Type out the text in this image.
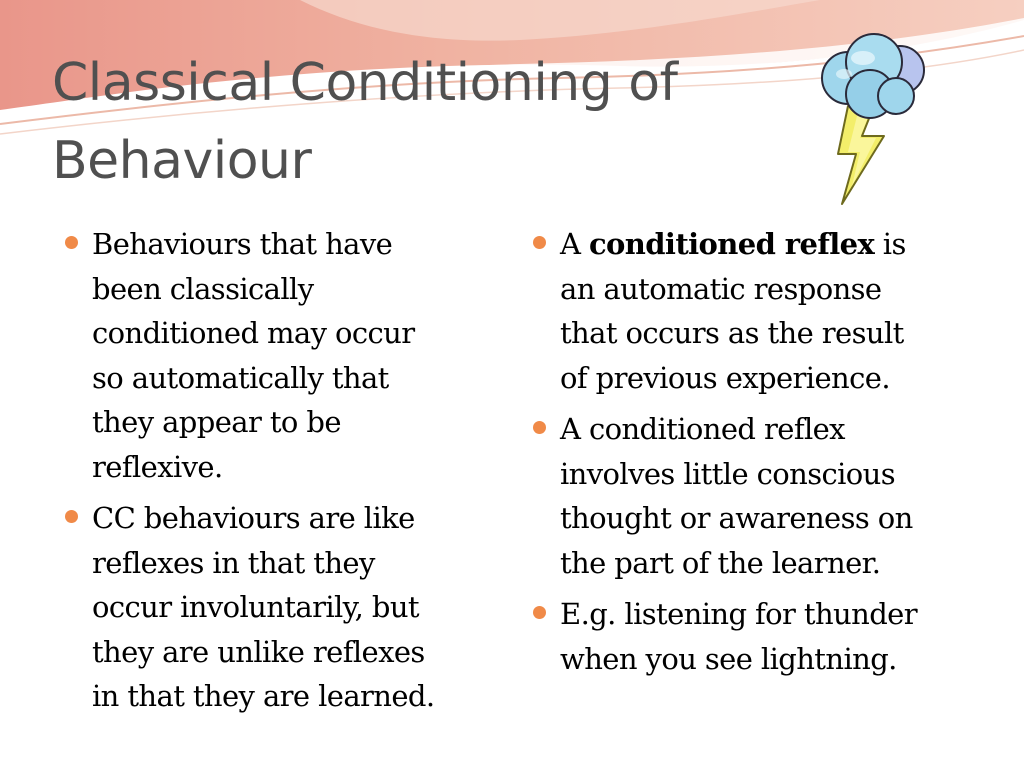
Classical Conditioning of
Behaviour
Behaviours that have
been classically
conditioned may occur
so automatically that
they appear to be
reflexive.
CC behaviours are like
reflexes in that they
occur involuntarily, but
they are unlike reflexes
in that they are learned.
A conditioned reflex is
an automatic response
that occurs as the result
of previous experience.
A conditioned reflex
involves little conscious
thought or awareness on
the part of the learner.
E.g. listening for thunder
when you see lightning.
